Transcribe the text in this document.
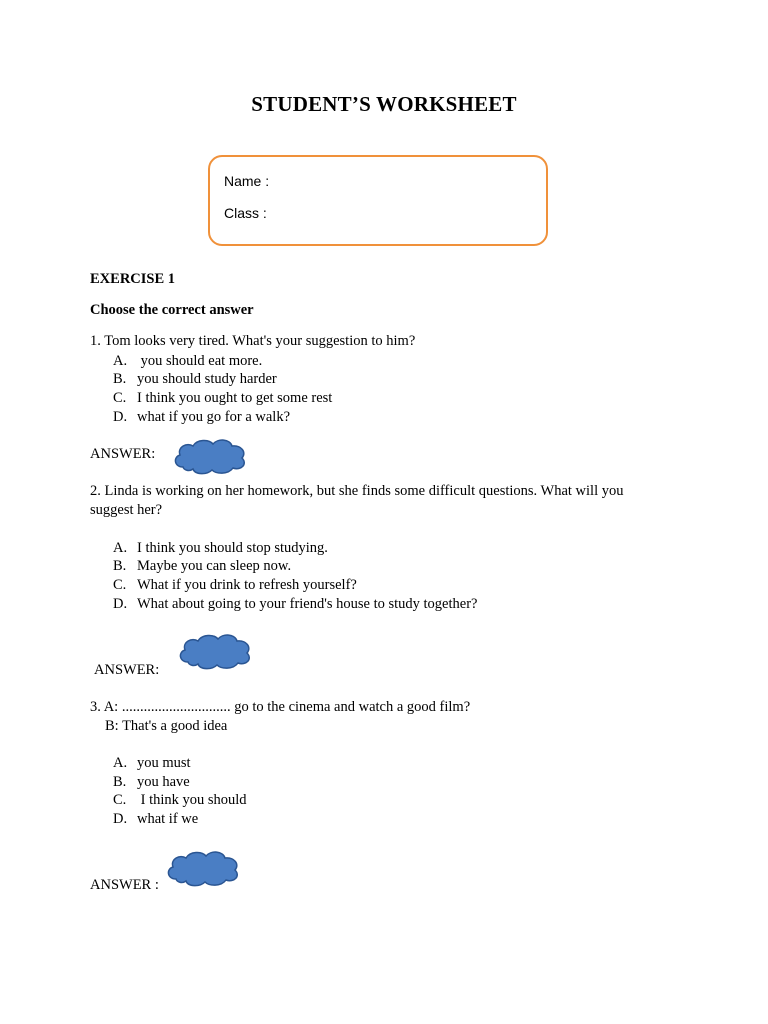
STUDENT’S WORKSHEET
Name :
Class :
EXERCISE 1
Choose the correct answer
1. Tom looks very tired. What's your suggestion to him?
A. you should eat more.
B. you should study harder
C. I think you ought to get some rest
D. what if you go for a walk?
ANSWER:
2. Linda is working on her homework, but she finds some difficult questions. What will you
suggest her?
A. I think you should stop studying.
B. Maybe you can sleep now.
C. What if you drink to refresh yourself?
D. What about going to your friend's house to study together?
ANSWER:
3. A: .............................. go to the cinema and watch a good film?
B: That's a good idea
A. you must
B. you have
C. I think you should
D. what if we
ANSWER :
